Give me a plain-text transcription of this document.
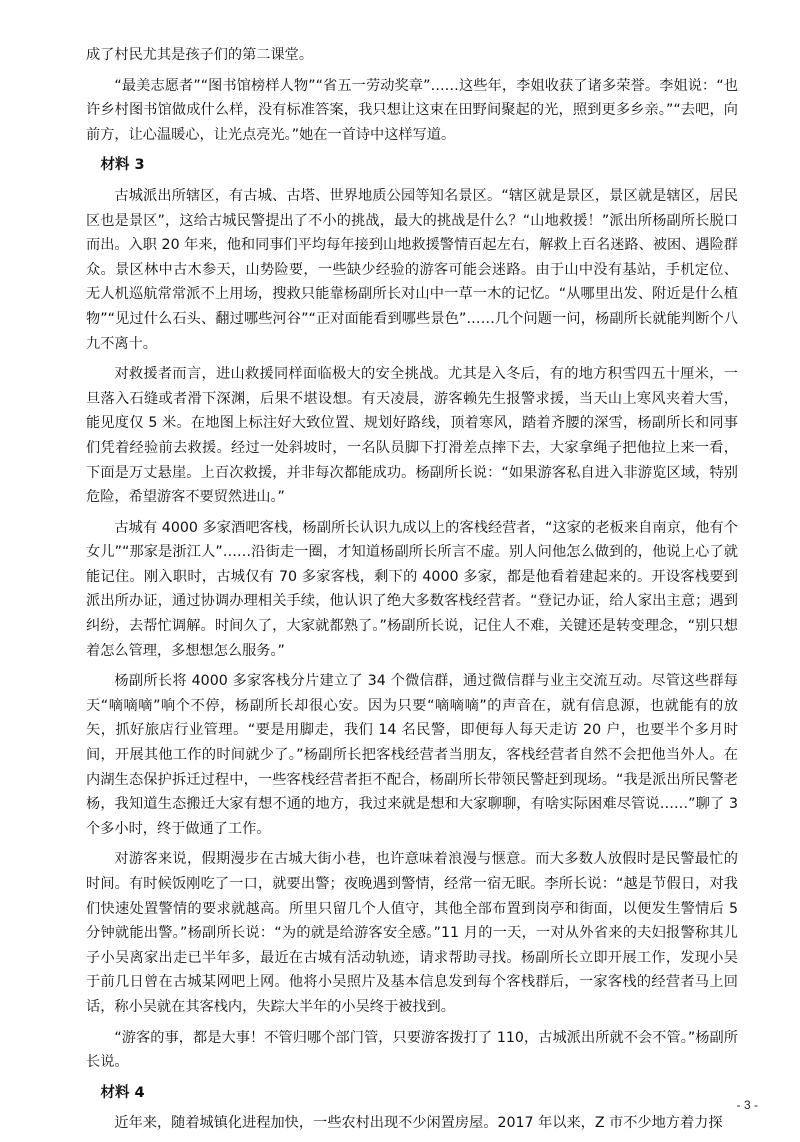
成了村民尤其是孩子们的第二课堂。

“最美志愿者”“图书馆榜样人物”“省五一劳动奖章”……这些年，李姐收获了诸多荣誉。李姐说：“也许乡村图书馆做成什么样，没有标准答案，我只想让这束在田野间聚起的光，照到更多乡亲。”“去吧，向前方，让心温暖心，让光点亮光。”她在一首诗中这样写道。

材料 3

古城派出所辖区，有古城、古塔、世界地质公园等知名景区。“辖区就是景区，景区就是辖区，居民区也是景区”，这给古城民警提出了不小的挑战，最大的挑战是什么？“山地救援！”派出所杨副所长脱口而出。入职 20 年来，他和同事们平均每年接到山地救援警情百起左右，解救上百名迷路、被困、遇险群众。景区林中古木参天，山势险要，一些缺少经验的游客可能会迷路。由于山中没有基站，手机定位、无人机巡航常常派不上用场，搜救只能靠杨副所长对山中一草一木的记忆。“从哪里出发、附近是什么植物”“见过什么石头、翻过哪些河谷”“正对面能看到哪些景色”……几个问题一问，杨副所长就能判断个八九不离十。

对救援者而言，进山救援同样面临极大的安全挑战。尤其是入冬后，有的地方积雪四五十厘米，一旦落入石缝或者滑下深渊，后果不堪设想。有天凌晨，游客赖先生报警求援，当天山上寒风夹着大雪，能见度仅 5 米。在地图上标注好大致位置、规划好路线，顶着寒风，踏着齐腰的深雪，杨副所长和同事们凭着经验前去救援。经过一处斜坡时，一名队员脚下打滑差点摔下去，大家拿绳子把他拉上来一看，下面是万丈悬崖。上百次救援，并非每次都能成功。杨副所长说：“如果游客私自进入非游览区域，特别危险，希望游客不要贸然进山。”

古城有 4000 多家酒吧客栈，杨副所长认识九成以上的客栈经营者，“这家的老板来自南京，他有个女儿”“那家是浙江人”……沿街走一圈，才知道杨副所长所言不虚。别人问他怎么做到的，他说上心了就能记住。刚入职时，古城仅有 70 多家客栈，剩下的 4000 多家，都是他看着建起来的。开设客栈要到派出所办证，通过协调办理相关手续，他认识了绝大多数客栈经营者。“登记办证，给人家出主意；遇到纠纷，去帮忙调解。时间久了，大家就都熟了。”杨副所长说，记住人不难，关键还是转变理念，“别只想着怎么管理，多想想怎么服务。”

杨副所长将 4000 多家客栈分片建立了 34 个微信群，通过微信群与业主交流互动。尽管这些群每天“嘀嘀嘀”响个不停，杨副所长却很心安。因为只要“嘀嘀嘀”的声音在，就有信息源，也就能有的放矢，抓好旅店行业管理。“要是用脚走，我们 14 名民警，即便每人每天走访 20 户，也要半个多月时间，开展其他工作的时间就少了。”杨副所长把客栈经营者当朋友，客栈经营者自然不会把他当外人。在内湖生态保护拆迁过程中，一些客栈经营者拒不配合，杨副所长带领民警赶到现场。“我是派出所民警老杨，我知道生态搬迁大家有想不通的地方，我过来就是想和大家聊聊，有啥实际困难尽管说……”聊了 3 个多小时，终于做通了工作。

对游客来说，假期漫步在古城大街小巷，也许意味着浪漫与惬意。而大多数人放假时是民警最忙的时间。有时候饭刚吃了一口，就要出警；夜晚遇到警情，经常一宿无眠。李所长说：“越是节假日，对我们快速处置警情的要求就越高。所里只留几个人值守，其他全部布置到岗亭和街面，以便发生警情后 5 分钟就能出警。”杨副所长说：“为的就是给游客安全感。”11 月的一天，一对从外省来的夫妇报警称其儿子小吴离家出走已半年多，最近在古城有活动轨迹，请求帮助寻找。杨副所长立即开展工作，发现小吴于前几日曾在古城某网吧上网。他将小吴照片及基本信息发到每个客栈群后，一家客栈的经营者马上回话，称小吴就在其客栈内，失踪大半年的小吴终于被找到。

“游客的事，都是大事！不管归哪个部门管，只要游客拨打了 110，古城派出所就不会不管。”杨副所长说。

材料 4

近年来，随着城镇化进程加快，一些农村出现不少闲置房屋。2017 年以来，Z 市不少地方着力探

- 3 -
